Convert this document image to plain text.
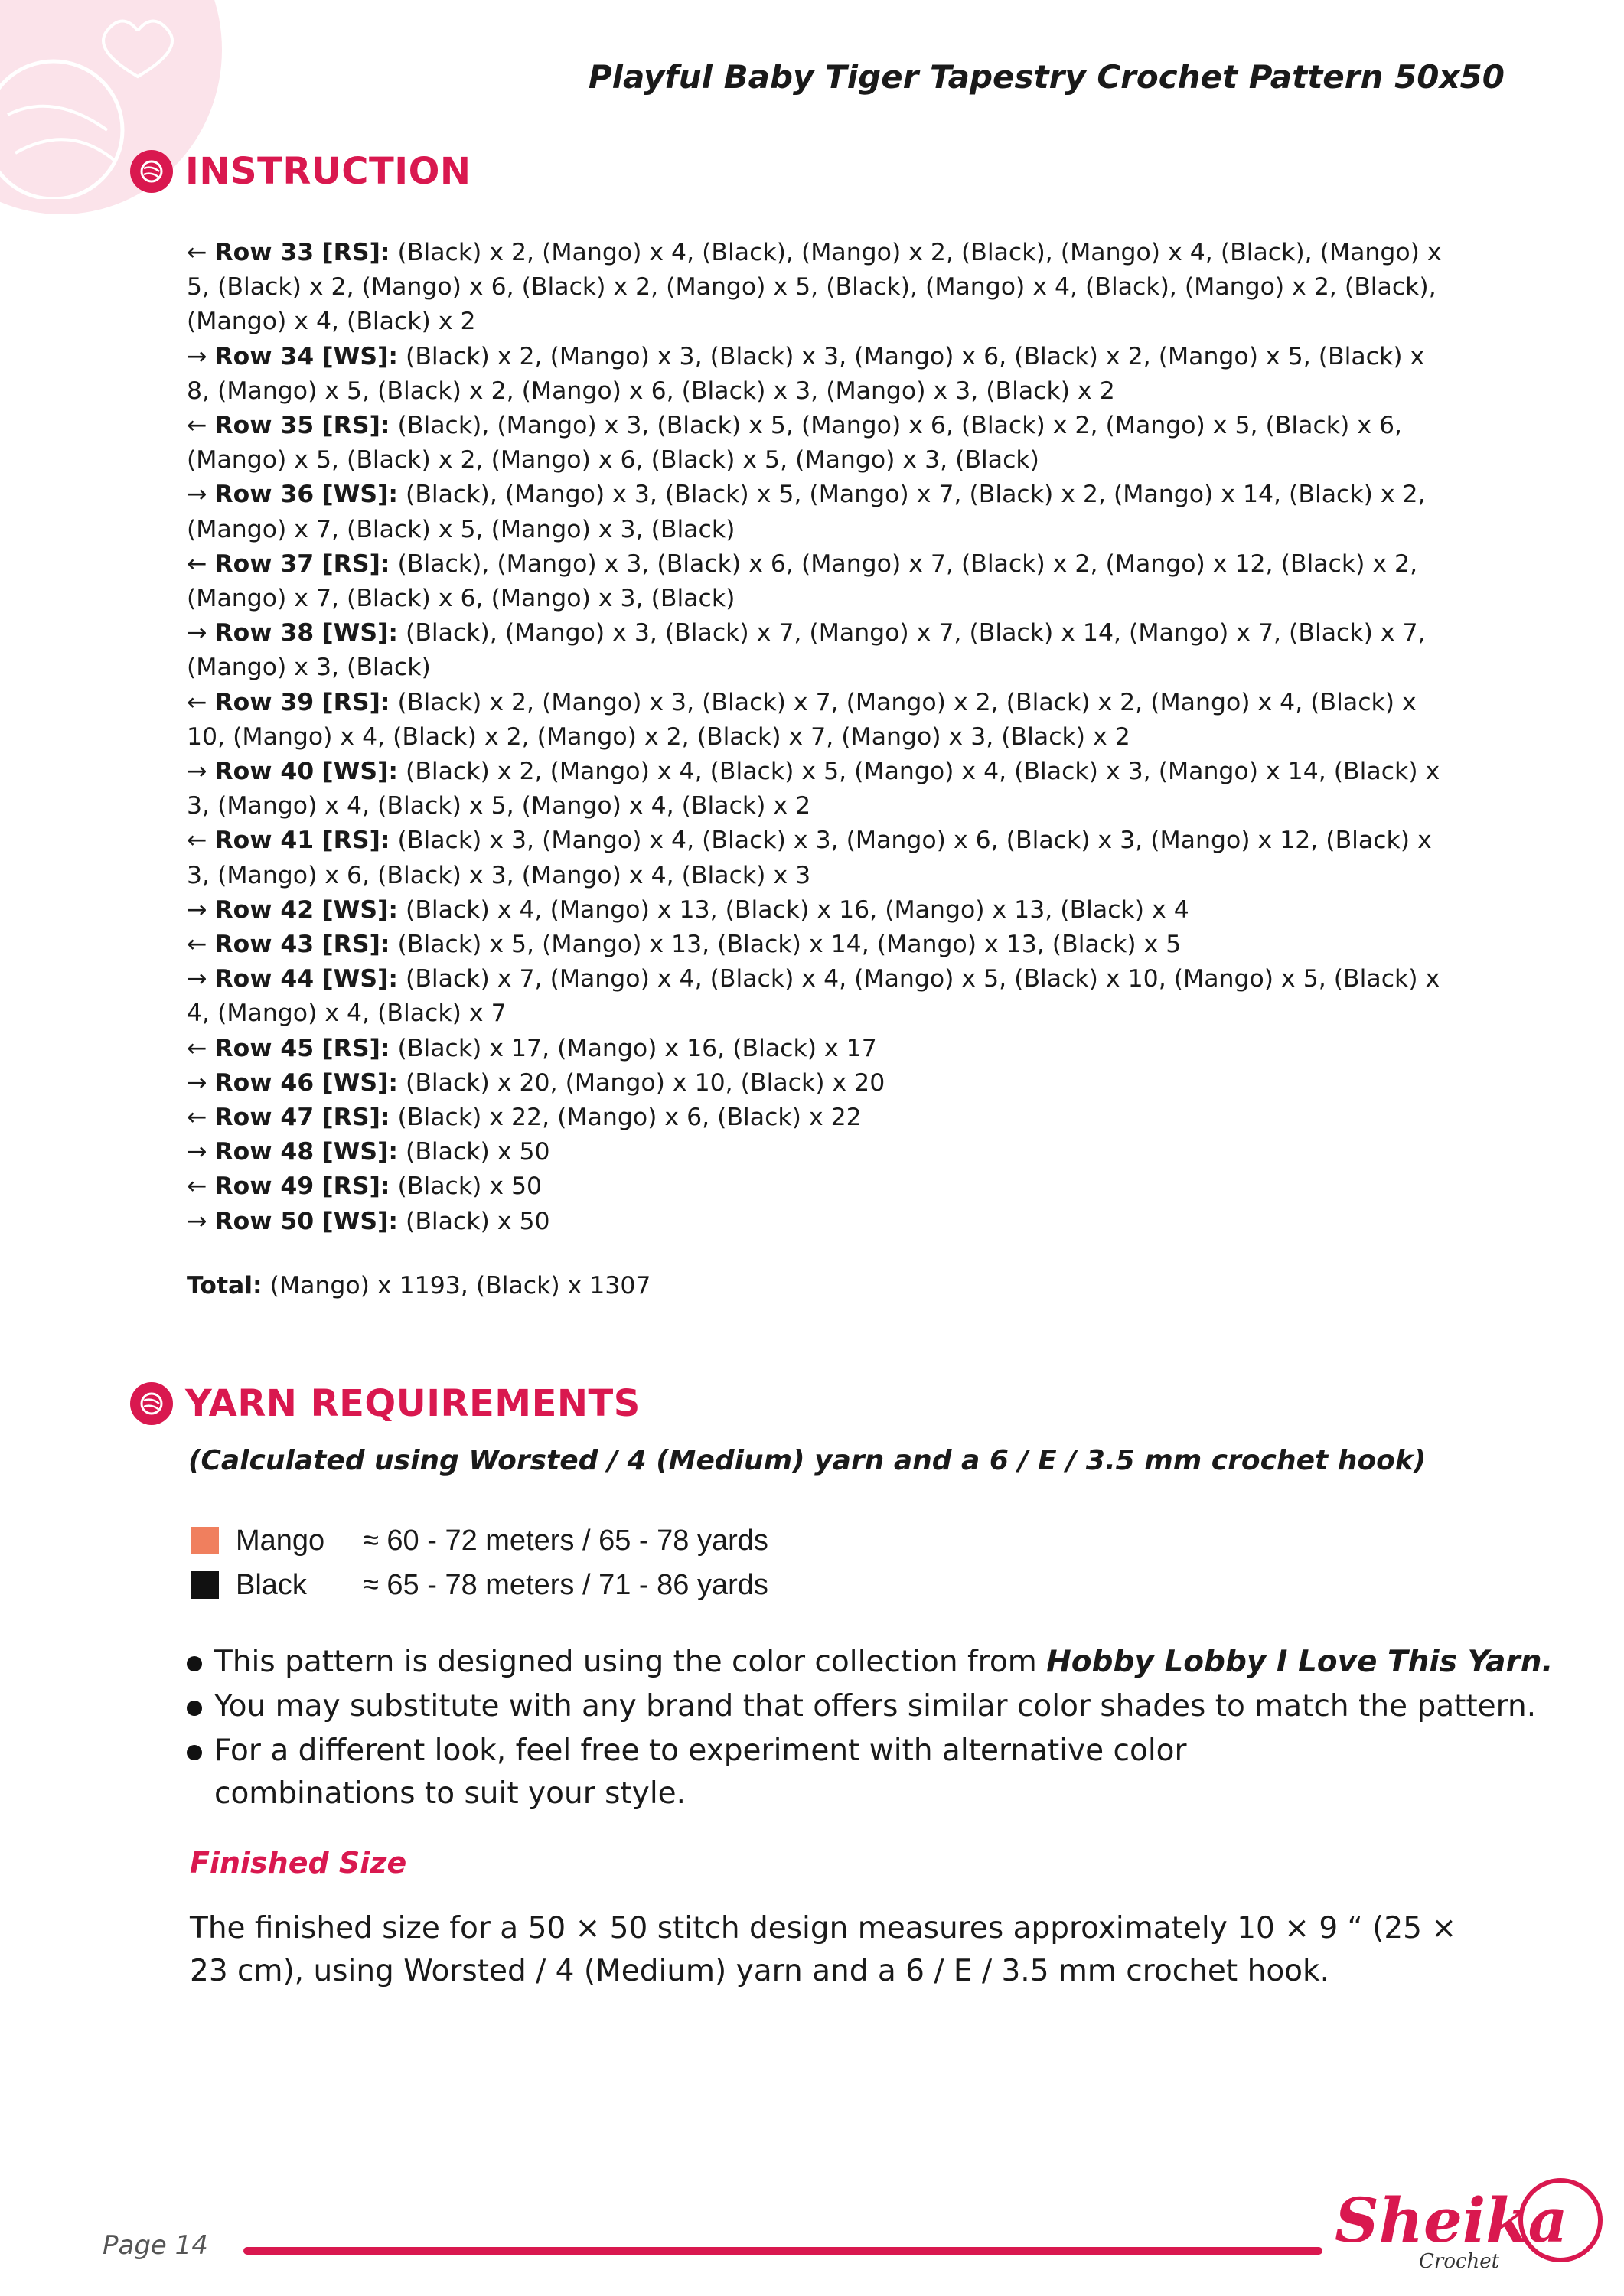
Playful Baby Tiger Tapestry Crochet Pattern 50x50
INSTRUCTION

← Row 33 [RS]: (Black) x 2, (Mango) x 4, (Black), (Mango) x 2, (Black), (Mango) x 4, (Black), (Mango) x 5, (Black) x 2, (Mango) x 6, (Black) x 2, (Mango) x 5, (Black), (Mango) x 4, (Black), (Mango) x 2, (Black), (Mango) x 4, (Black) x 2

→ Row 34 [WS]: (Black) x 2, (Mango) x 3, (Black) x 3, (Mango) x 6, (Black) x 2, (Mango) x 5, (Black) x 8, (Mango) x 5, (Black) x 2, (Mango) x 6, (Black) x 3, (Mango) x 3, (Black) x 2

← Row 35 [RS]: (Black), (Mango) x 3, (Black) x 5, (Mango) x 6, (Black) x 2, (Mango) x 5, (Black) x 6, (Mango) x 5, (Black) x 2, (Mango) x 6, (Black) x 5, (Mango) x 3, (Black)

→ Row 36 [WS]: (Black), (Mango) x 3, (Black) x 5, (Mango) x 7, (Black) x 2, (Mango) x 14, (Black) x 2, (Mango) x 7, (Black) x 5, (Mango) x 3, (Black)

← Row 37 [RS]: (Black), (Mango) x 3, (Black) x 6, (Mango) x 7, (Black) x 2, (Mango) x 12, (Black) x 2, (Mango) x 7, (Black) x 6, (Mango) x 3, (Black)

→ Row 38 [WS]: (Black), (Mango) x 3, (Black) x 7, (Mango) x 7, (Black) x 14, (Mango) x 7, (Black) x 7, (Mango) x 3, (Black)

← Row 39 [RS]: (Black) x 2, (Mango) x 3, (Black) x 7, (Mango) x 2, (Black) x 2, (Mango) x 4, (Black) x 10, (Mango) x 4, (Black) x 2, (Mango) x 2, (Black) x 7, (Mango) x 3, (Black) x 2

→ Row 40 [WS]: (Black) x 2, (Mango) x 4, (Black) x 5, (Mango) x 4, (Black) x 3, (Mango) x 14, (Black) x 3, (Mango) x 4, (Black) x 5, (Mango) x 4, (Black) x 2

← Row 41 [RS]: (Black) x 3, (Mango) x 4, (Black) x 3, (Mango) x 6, (Black) x 3, (Mango) x 12, (Black) x 3, (Mango) x 6, (Black) x 3, (Mango) x 4, (Black) x 3

→ Row 42 [WS]: (Black) x 4, (Mango) x 13, (Black) x 16, (Mango) x 13, (Black) x 4

← Row 43 [RS]: (Black) x 5, (Mango) x 13, (Black) x 14, (Mango) x 13, (Black) x 5

→ Row 44 [WS]: (Black) x 7, (Mango) x 4, (Black) x 4, (Mango) x 5, (Black) x 10, (Mango) x 5, (Black) x 4, (Mango) x 4, (Black) x 7

← Row 45 [RS]: (Black) x 17, (Mango) x 16, (Black) x 17

→ Row 46 [WS]: (Black) x 20, (Mango) x 10, (Black) x 20

← Row 47 [RS]: (Black) x 22, (Mango) x 6, (Black) x 22

→ Row 48 [WS]: (Black) x 50

← Row 49 [RS]: (Black) x 50

→ Row 50 [WS]: (Black) x 50

Total: (Mango) x 1193, (Black) x 1307
YARN REQUIREMENTS
(Calculated using Worsted / 4 (Medium) yarn and a 6 / E / 3.5 mm crochet hook)
Mango	≈ 60 - 72 meters / 65 - 78 yards
Black	≈ 65 - 78 meters / 71 - 86 yards
This pattern is designed using the color collection from Hobby Lobby I Love This Yarn.
You may substitute with any brand that offers similar color shades to match the pattern.
For a different look, feel free to experiment with alternative color combinations to suit your style.
Finished Size
The finished size for a 50 × 50 stitch design measures approximately 10 × 9 “ (25 × 23 cm), using Worsted / 4 (Medium) yarn and a 6 / E / 3.5 mm crochet hook.
Page 14	Sheika
Crochet
